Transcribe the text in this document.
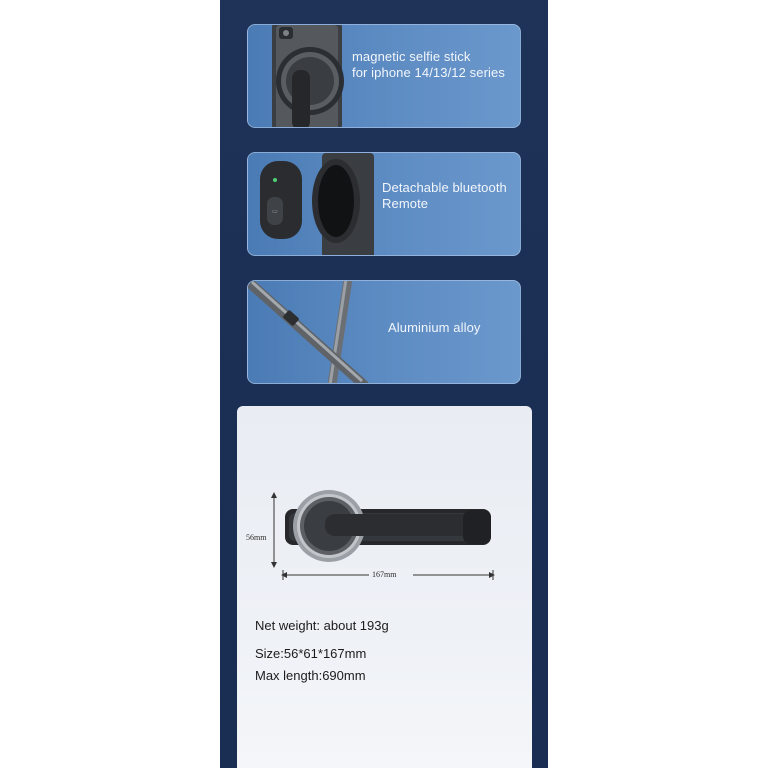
magnetic selfie stick
for iphone 14/13/12 series
▭
Detachable bluetooth
Remote
Aluminium alloy
56mm
167mm
Net weight: about 193g
Size:56*61*167mm
Max length:690mm
